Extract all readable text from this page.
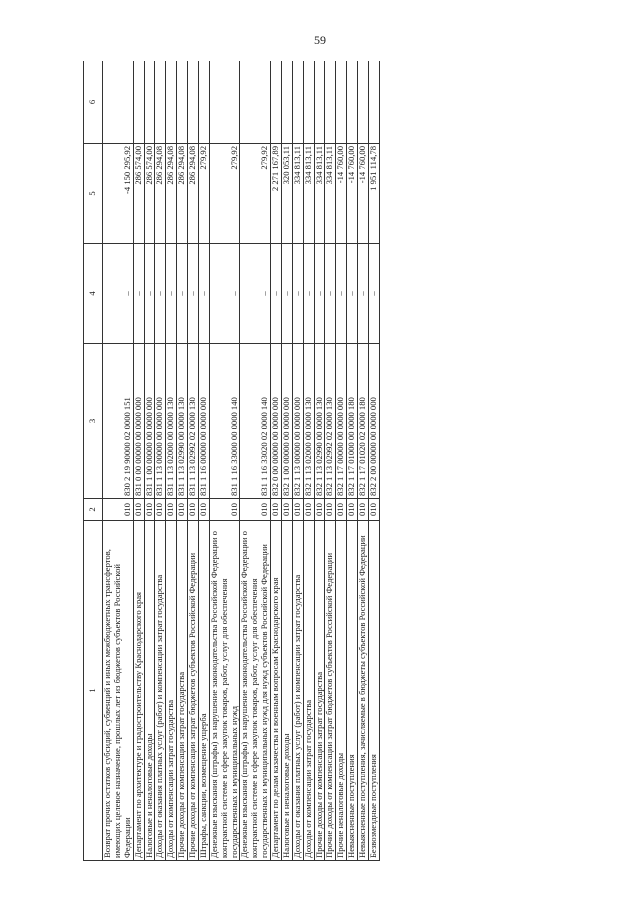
59
1	2	3	4	5	6
Возврат прочих остатков субсидий, субвенций и иных межбюджетных трансфертов, имеющих целевое назначение, прошлых лет из бюджетов субъектов Российской Федерации	010	830 2 19 90000 02 0000 151	–	-4 150 295,92	
Департамент по архитектуре и градостроительству Краснодарского края	010	831 0 00 00000 00 0000 000	–	286 574,00	
Налоговые и неналоговые доходы	010	831 1 00 00000 00 0000 000	–	286 574,00	
Доходы от оказания платных услуг (работ) и компенсации затрат государства	010	831 1 13 00000 00 0000 000	–	286 294,08	
Доходы от компенсации затрат государства	010	831 1 13 02000 00 0000 130	–	286 294,08	
Прочие доходы от компенсации затрат государства	010	831 1 13 02990 00 0000 130	–	286 294,08	
Прочие доходы от компенсации затрат бюджетов субъектов Российской Федерации	010	831 1 13 02992 02 0000 130	–	286 294,08	
Штрафы, санкции, возмещение ущерба	010	831 1 16 00000 00 0000 000	–	279,92	
Денежные взыскания (штрафы) за нарушение законодательства Российской Федерации о контрактной системе в сфере закупок товаров, работ, услуг для обеспечения государственных и муниципальных нужд	010	831 1 16 33000 00 0000 140	–	279,92	
Денежные взыскания (штрафы) за нарушение законодательства Российской Федерации о контрактной системе в сфере закупок товаров, работ, услуг для обеспечения государственных и муниципальных нужд для нужд субъектов Российской Федерации	010	831 1 16 33020 02 0000 140	–	279,92	
Департамент по делам казачества и военным вопросам Краснодарского края	010	832 0 00 00000 00 0000 000	–	2 271 167,89	
Налоговые и неналоговые доходы	010	832 1 00 00000 00 0000 000	–	320 053,11	
Доходы от оказания платных услуг (работ) и компенсации затрат государства	010	832 1 13 00000 00 0000 000	–	334 813,11	
Доходы от компенсации затрат государства	010	832 1 13 02000 00 0000 130	–	334 813,11	
Прочие доходы от компенсации затрат государства	010	832 1 13 02990 00 0000 130	–	334 813,11	
Прочие доходы от компенсации затрат бюджетов субъектов Российской Федерации	010	832 1 13 02992 02 0000 130	–	334 813,11	
Прочие неналоговые доходы	010	832 1 17 00000 00 0000 000	–	-14 760,00	
Невыясненные поступления	010	832 1 17 01000 00 0000 180	–	-14 760,00	
Невыясненные поступления, зачисляемые в бюджеты субъектов Российской Федерации	010	832 1 17 01020 02 0000 180	–	-14 760,00	
Безвозмездные поступления	010	832 2 00 00000 00 0000 000	–	1 951 114,78	
